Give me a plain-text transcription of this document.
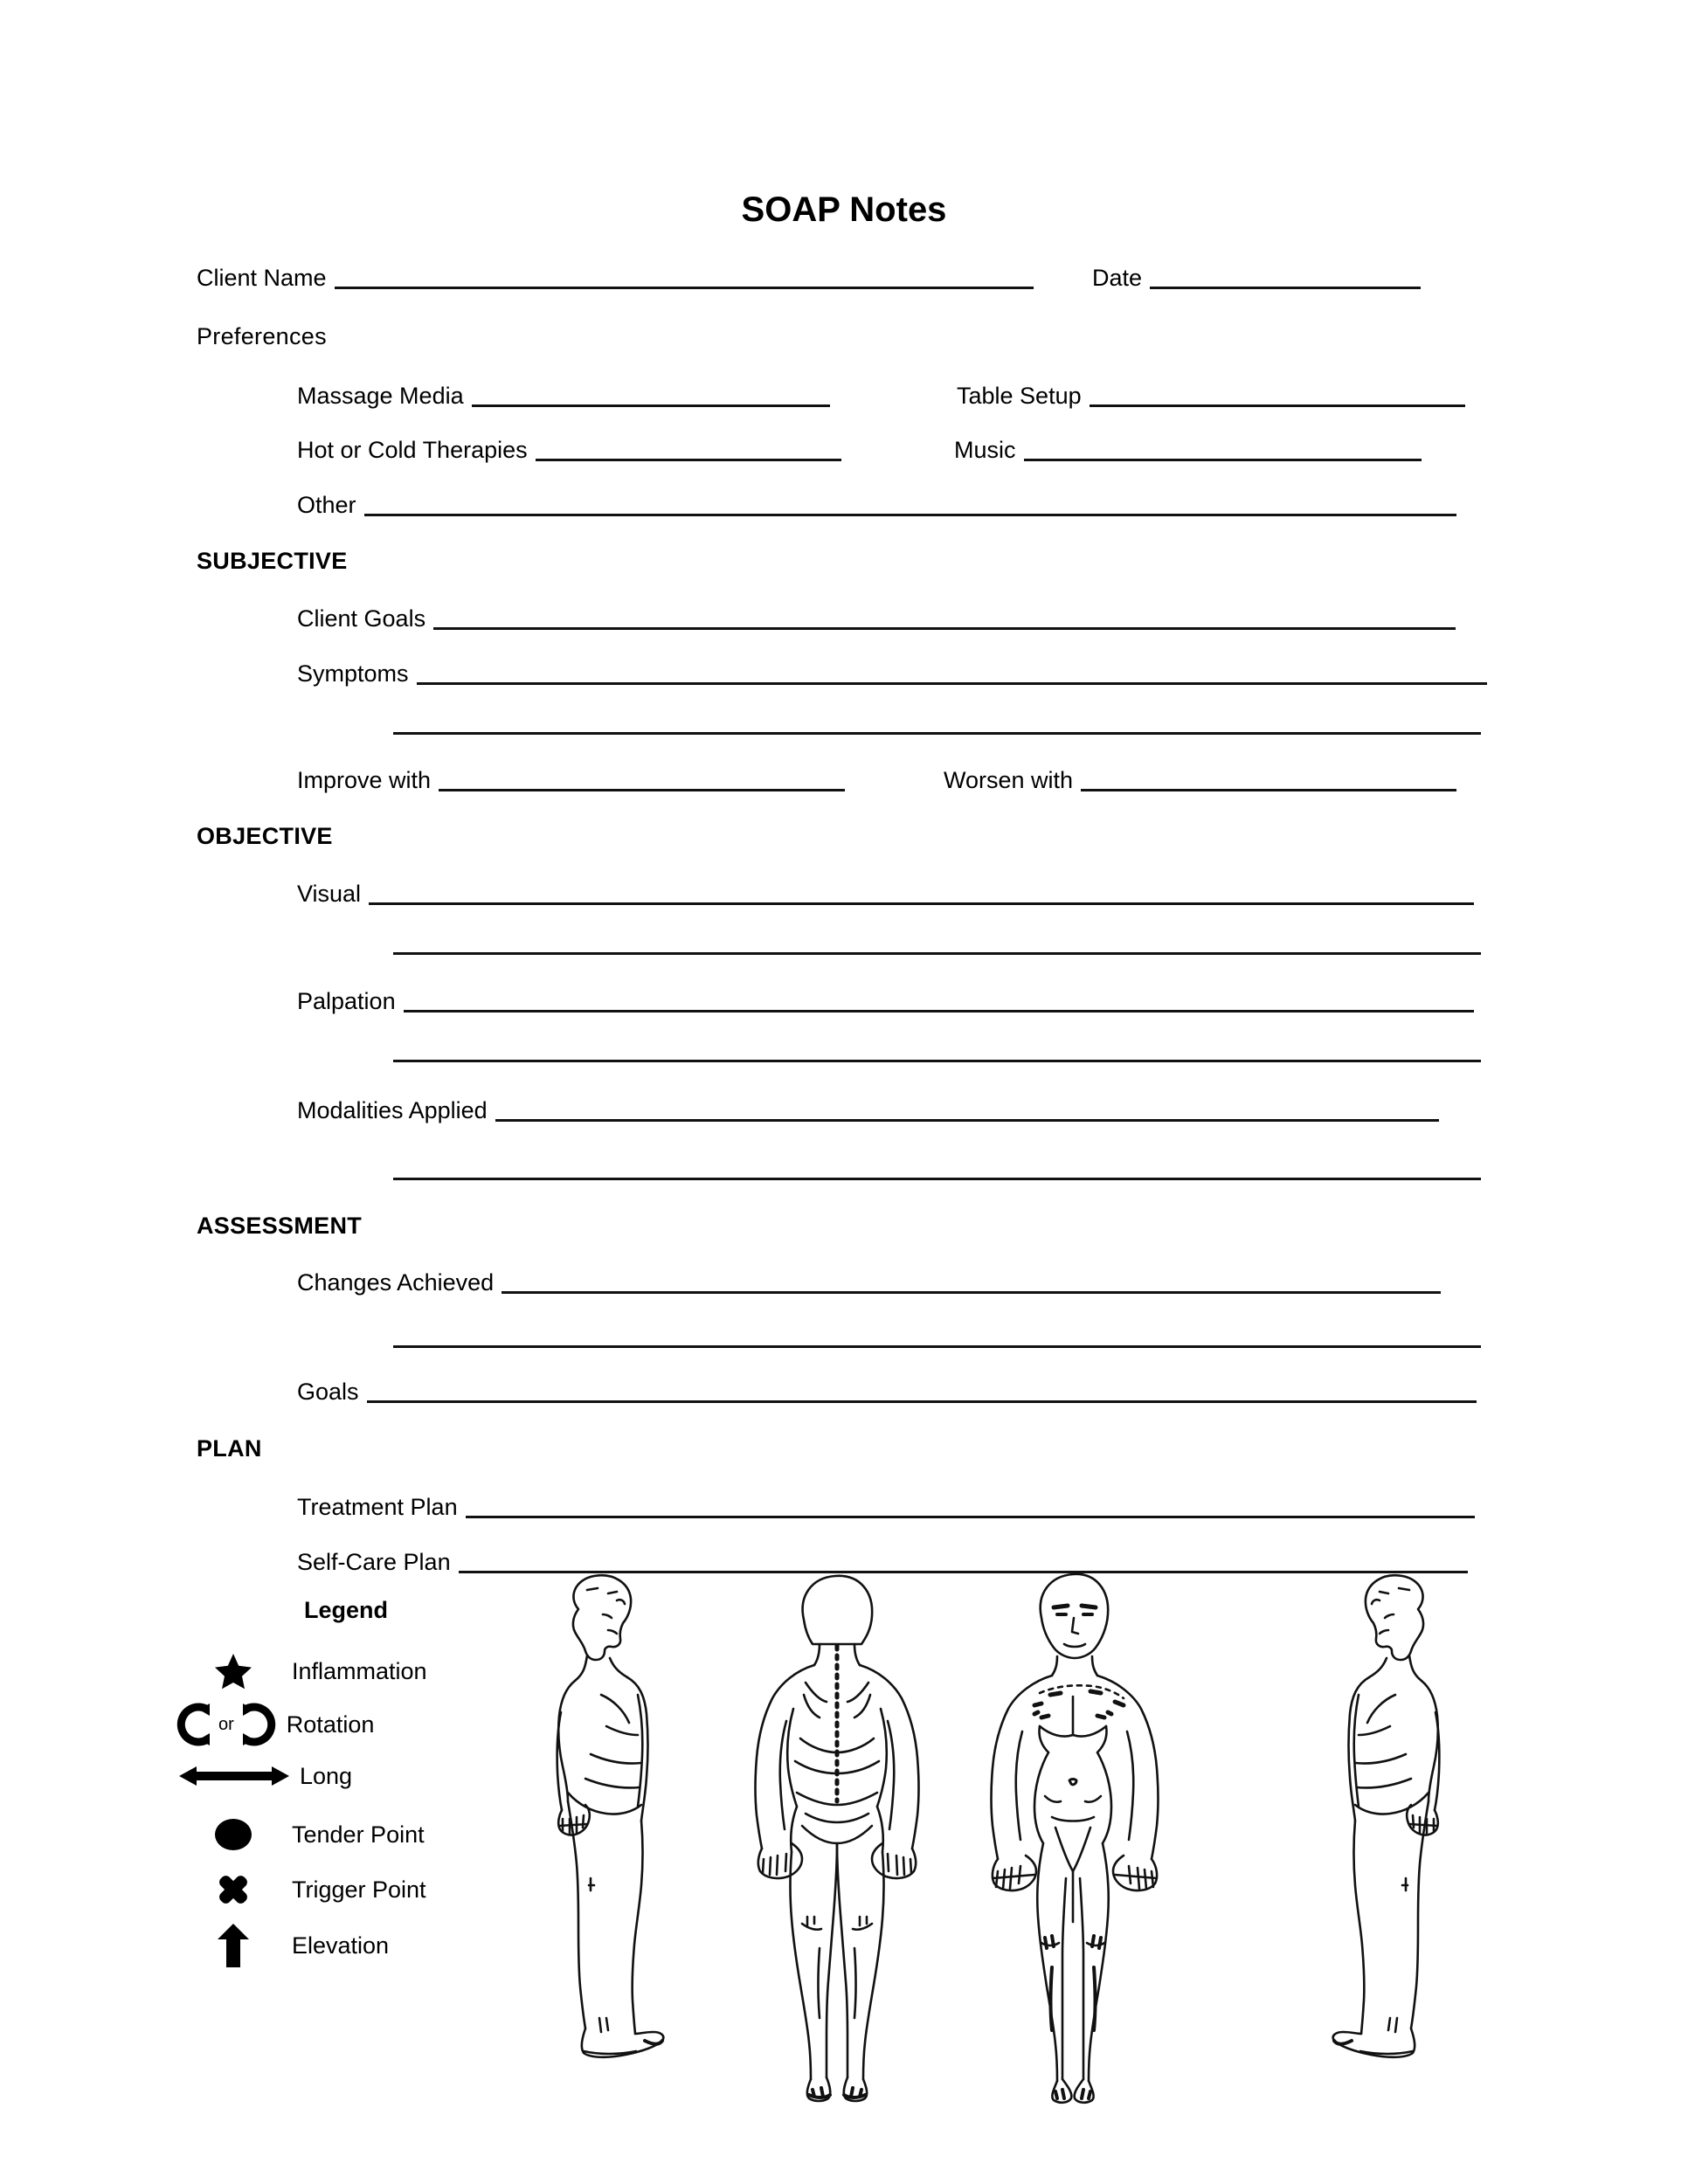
SOAP Notes
Client Name	Date
Preferences
Massage Media	Table Setup
Hot or Cold Therapies	Music
Other
SUBJECTIVE
Client Goals
Symptoms
Improve with	Worsen with
OBJECTIVE
Visual
Palpation
Modalities Applied
ASSESSMENT
Changes Achieved
Goals
PLAN
Treatment Plan
Self-Care Plan
Legend
Inflammation
or Rotation
Long
Tender Point
Trigger Point
Elevation
